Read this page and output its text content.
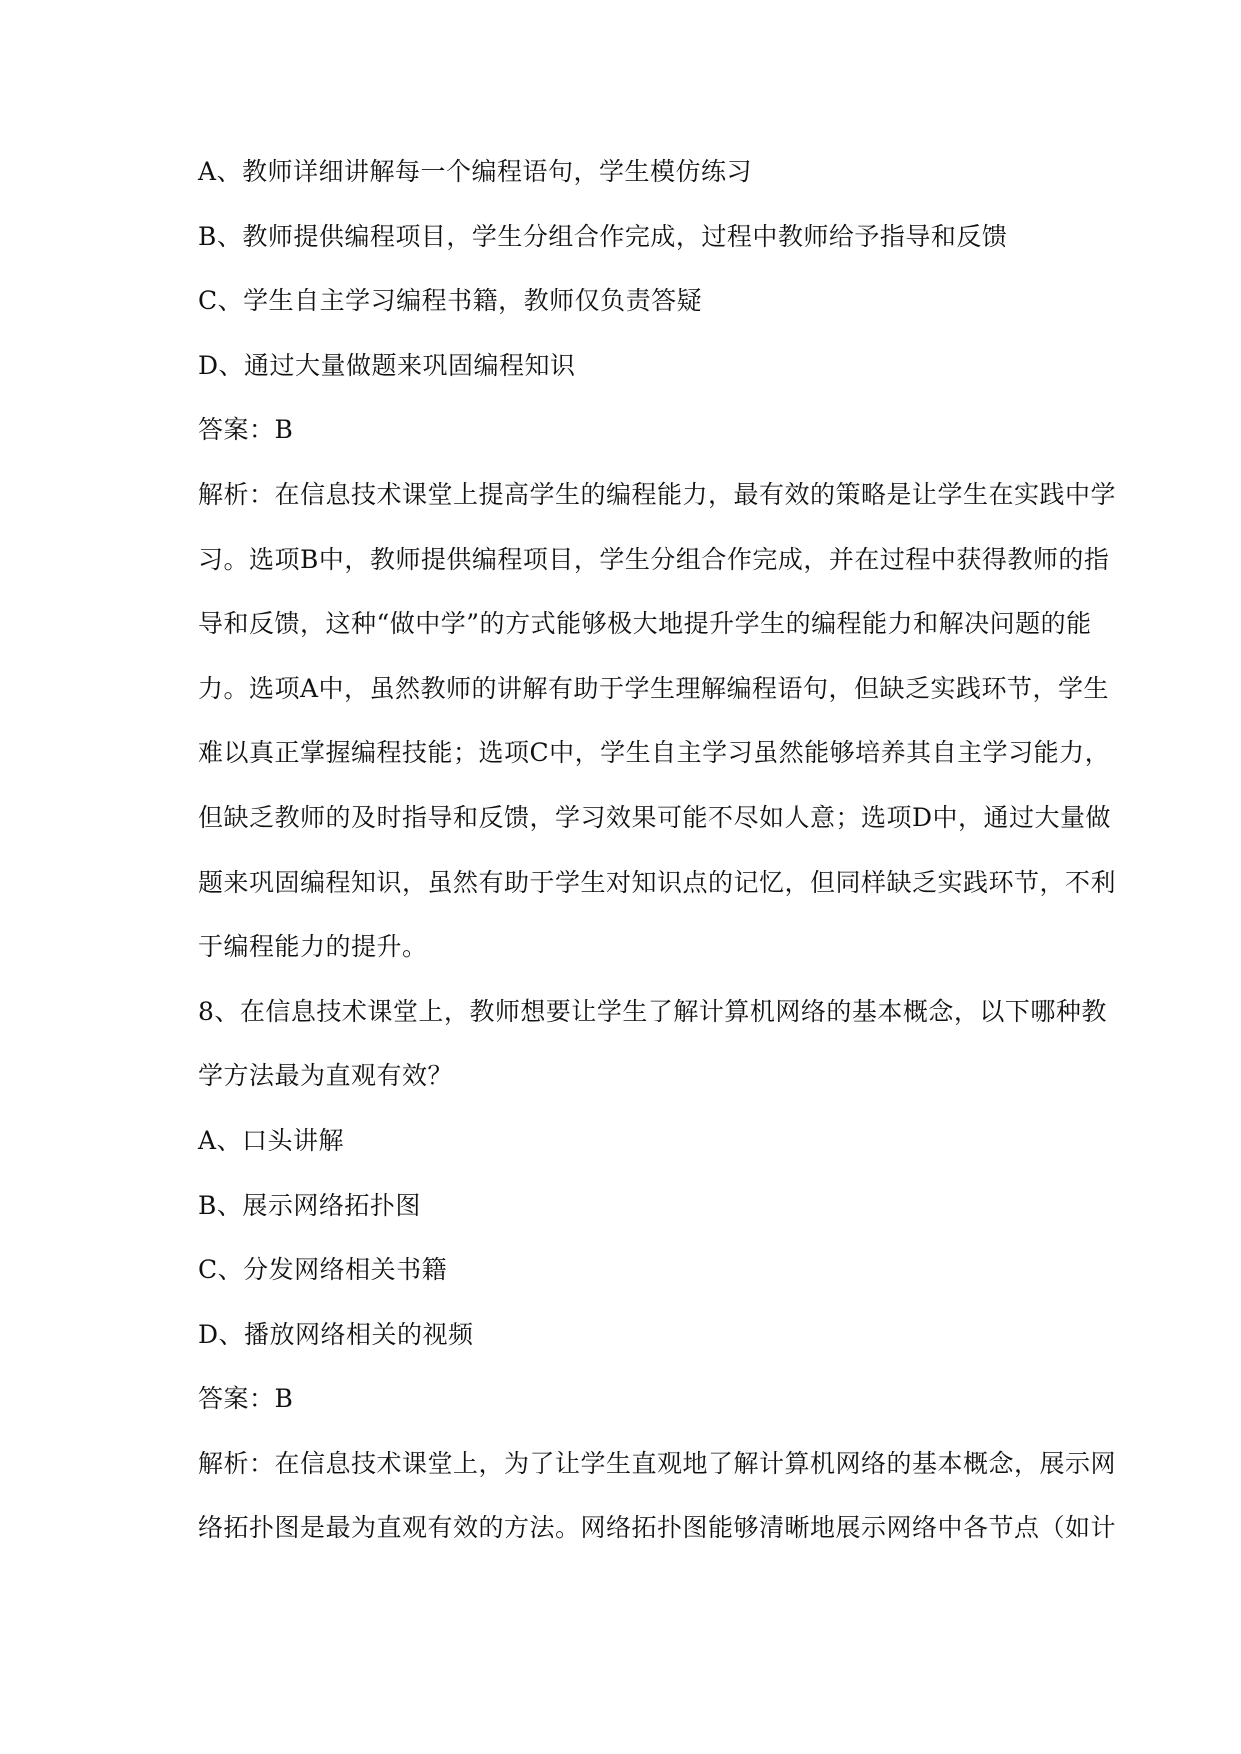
A、教师详细讲解每一个编程语句，学生模仿练习
B、教师提供编程项目，学生分组合作完成，过程中教师给予指导和反馈
C、学生自主学习编程书籍，教师仅负责答疑
D、通过大量做题来巩固编程知识
答案：B
解析：在信息技术课堂上提高学生的编程能力，最有效的策略是让学生在实践中学
习。选项B中，教师提供编程项目，学生分组合作完成，并在过程中获得教师的指
导和反馈，这种“做中学”的方式能够极大地提升学生的编程能力和解决问题的能
力。选项A中，虽然教师的讲解有助于学生理解编程语句，但缺乏实践环节，学生
难以真正掌握编程技能；选项C中，学生自主学习虽然能够培养其自主学习能力，
但缺乏教师的及时指导和反馈，学习效果可能不尽如人意；选项D中，通过大量做
题来巩固编程知识，虽然有助于学生对知识点的记忆，但同样缺乏实践环节，不利
于编程能力的提升。
8、在信息技术课堂上，教师想要让学生了解计算机网络的基本概念，以下哪种教
学方法最为直观有效？
A、口头讲解
B、展示网络拓扑图
C、分发网络相关书籍
D、播放网络相关的视频
答案：B
解析：在信息技术课堂上，为了让学生直观地了解计算机网络的基本概念，展示网
络拓扑图是最为直观有效的方法。网络拓扑图能够清晰地展示网络中各节点（如计
